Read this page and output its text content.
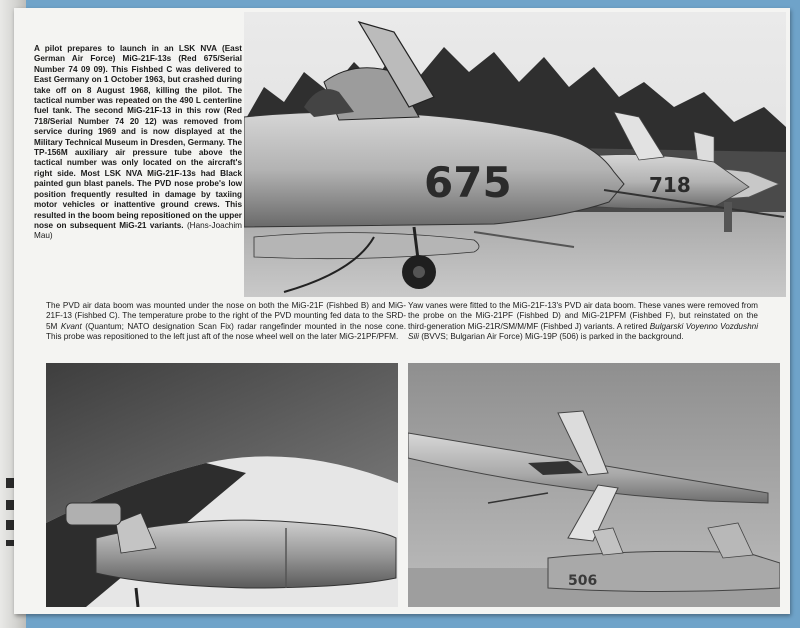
A pilot prepares to launch in an LSK NVA (East German Air Force) MiG-21F-13s (Red 675/Serial Number 74 09 09). This Fishbed C was delivered to East Germany on 1 October 1963, but crashed during take off on 8 August 1968, killing the pilot. The tactical number was repeated on the 490 L centerline fuel tank. The second MiG-21F-13 in this row (Red 718/Serial Number 74 20 12) was removed from service during 1969 and is now displayed at the Military Technical Museum in Dresden, Germany. The TP-156M auxiliary air pressure tube above the tactical number was only located on the aircraft's right side. Most LSK NVA MiG-21F-13s had Black painted gun blast panels. The PVD nose probe's low position frequently resulted in damage by taxiing motor vehicles or inattentive ground crews. This resulted in the boom being repositioned on the upper nose on subsequent MiG-21 variants. (Hans-Joachim Mau)
718
675
The PVD air data boom was mounted under the nose on both the MiG-21F (Fishbed B) and MiG-21F-13 (Fishbed C). The temperature probe to the right of the PVD mounting fed data to the SRD-5M Kvant (Quantum; NATO designation Scan Fix) radar rangefinder mounted in the nose cone. This probe was repositioned to the left just aft of the nose wheel well on the later MiG-21PF/PFM.
Yaw vanes were fitted to the MiG-21F-13's PVD air data boom. These vanes were removed from the probe on the MiG-21PF (Fishbed D) and MiG-21PFM (Fishbed F), but reinstated on the third-generation MiG-21R/SM/M/MF (Fishbed J) variants. A retired Bulgarski Voyenno Vozdushni Sili (BVVS; Bulgarian Air Force) MiG-19P (506) is parked in the background.
506
